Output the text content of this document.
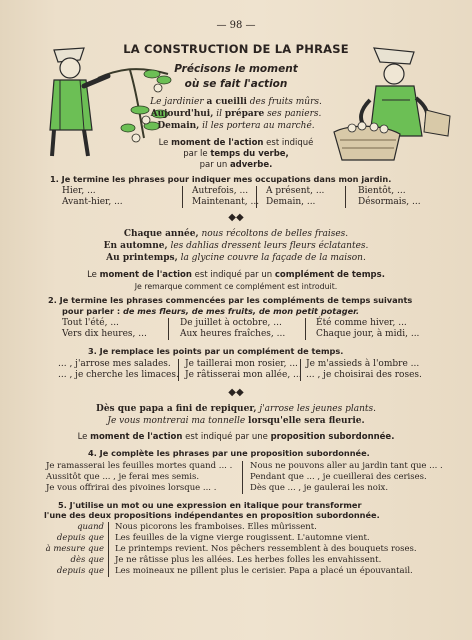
— 98 —
LA CONSTRUCTION DE LA PHRASE
Précisons le moment
où se fait l'action
Le jardinier a cueilli des fruits mûrs.
Aujourd'hui, il prépare ses paniers.
Demain, il les portera au marché.
Le moment de l'action est indiqué
par le temps du verbe,
par un adverbe.
1. Je termine les phrases pour indiquer mes occupations dans mon jardin.
Hier, ...
Avant-hier, ...
Autrefois, ...
Maintenant, ...
A présent, ...
Demain, ...
Bientôt, ...
Désormais, ...
◆◆
Chaque année, nous récoltons de belles fraises.
En automne, les dahlias dressent leurs fleurs éclatantes.
Au printemps, la glycine couvre la façade de la maison.
Le moment de l'action est indiqué par un complément de temps.
Je remarque comment ce complément est introduit.
2. Je termine les phrases commencées par les compléments de temps suivants
pour parler : de mes fleurs, de mes fruits, de mon petit potager.
Tout l'été, ...
Vers dix heures, ...
De juillet à octobre, ...
Aux heures fraîches, ...
Été comme hiver, ...
Chaque jour, à midi, ...
3. Je remplace les points par un complément de temps.
... , j'arrose mes salades.
... , je cherche les limaces.
Je taillerai mon rosier, ...
Je râtisserai mon allée, ...
Je m'assieds à l'ombre ...
... , je choisirai des roses.
◆◆
Dès que papa a fini de repiquer, j'arrose les jeunes plants.
Je vous montrerai ma tonnelle lorsqu'elle sera fleurie.
Le moment de l'action est indiqué par une proposition subordonnée.
4. Je complète les phrases par une proposition subordonnée.
Je ramasserai les feuilles mortes quand ... .
Aussitôt que ... , je ferai mes semis.
Je vous offrirai des pivoines lorsque ... .
Nous ne pouvons aller au jardin tant que ... .
Pendant que ... , je cueillerai des cerises.
Dès que ... , je gaulerai les noix.
5. J'utilise un mot ou une expression en italique pour transformer
l'une des deux propositions indépendantes en proposition subordonnée.
quand
depuis que
à mesure que
dès que
depuis que
Nous picorons les framboises. Elles mûrissent.
Les feuilles de la vigne vierge rougissent. L'automne vient.
Le printemps revient. Nos pêchers ressemblent à des bouquets roses.
Je ne râtisse plus les allées. Les herbes folles les envahissent.
Les moineaux ne pillent plus le cerisier. Papa a placé un épouvantail.
